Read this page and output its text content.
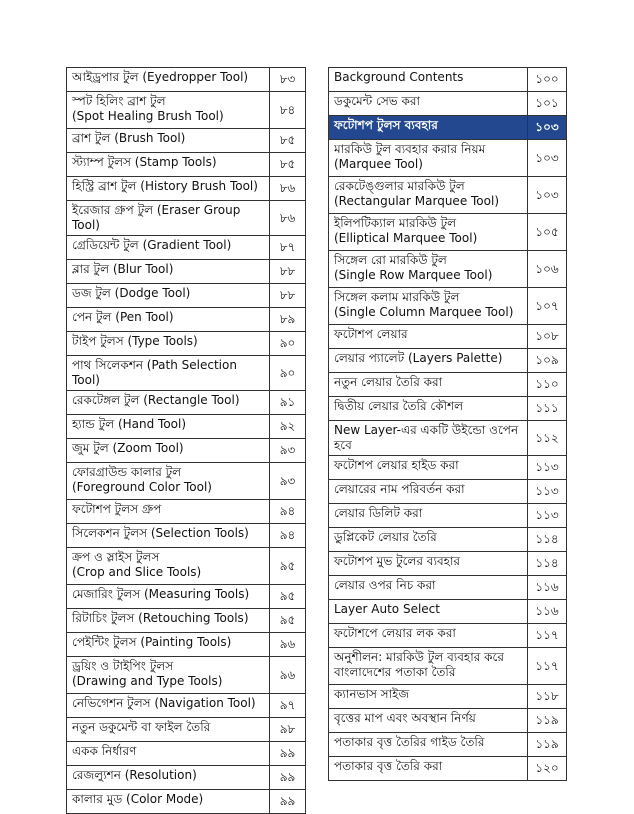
আইড্রপার টুল (Eyedropper Tool)	৮৩
স্পট হিলিং ব্রাশ টুল
(Spot Healing Brush Tool)	৮৪
ব্রাশ টুল (Brush Tool)	৮৫
স্ট্যাম্প টুলস (Stamp Tools)	৮৫
হিস্ট্রি ব্রাশ টুল (History Brush Tool)	৮৬
ইরেজার গ্রুপ টুল (Eraser Group Tool)	৮৬
গ্রেডিয়েন্ট টুল (Gradient Tool)	৮৭
ব্লার টুল (Blur Tool)	৮৮
ডজ টুল (Dodge Tool)	৮৮
পেন টুল (Pen Tool)	৮৯
টাইপ টুলস (Type Tools)	৯০
পাথ সিলেকশন (Path Selection Tool)	৯০
রেকটেঙ্গল টুল (Rectangle Tool)	৯১
হ্যান্ড টুল (Hand Tool)	৯২
জুম টুল (Zoom Tool)	৯৩
ফোরগ্রাউন্ড কালার টুল
(Foreground Color Tool)	৯৩
ফটোশপ টুলস গ্রুপ	৯৪
সিলেকশন টুলস (Selection Tools)	৯৪
ক্রপ ও স্লাইস টুলস
(Crop and Slice Tools)	৯৫
মেজারিং টুলস (Measuring Tools)	৯৫
রিটাচিং টুলস (Retouching Tools)	৯৫
পেইন্টিং টুলস (Painting Tools)	৯৬
ড্রয়িং ও টাইপিং টুলস
(Drawing and Type Tools)	৯৬
নেভিগেশন টুলস (Navigation Tool)	৯৭
নতুন ডকুমেন্ট বা ফাইল তৈরি	৯৮
একক নির্ধারণ	৯৯
রেজল্যুশন (Resolution)	৯৯
কালার মুড (Color Mode)	৯৯
Background Contents	১০০
ডকুমেন্ট সেভ করা	১০১
ফটোশপ টুলস ব্যবহার	১০৩
মারকিউ টুল ব্যবহার করার নিয়ম
(Marquee Tool)	১০৩
রেকটেঙ্গুলার মারকিউ টুল
(Rectangular Marquee Tool)	১০৩
ইলিপটিক্যাল মারকিউ টুল
(Elliptical Marquee Tool)	১০৫
সিঙ্গেল রো মারকিউ টুল
(Single Row Marquee Tool)	১০৬
সিঙ্গেল কলাম মারকিউ টুল
(Single Column Marquee Tool)	১০৭
ফটোশপ লেয়ার	১০৮
লেয়ার প্যালেট (Layers Palette)	১০৯
নতুন লেয়ার তৈরি করা	১১০
দ্বিতীয় লেয়ার তৈরি কৌশল	১১১
New Layer-এর একটি উইন্ডো ওপেন হবে	১১২
ফটোশপ লেয়ার হাইড করা	১১৩
লেয়ারের নাম পরিবর্তন করা	১১৩
লেয়ার ডিলিট করা	১১৩
ডুপ্লিকেট লেয়ার তৈরি	১১৪
ফটোশপ মুভ টুলের ব্যবহার	১১৪
লেয়ার ওপর নিচ করা	১১৬
Layer Auto Select	১১৬
ফটোশপে লেয়ার লক করা	১১৭
অনুশীলন: মারকিউ টুল ব্যবহার করে
বাংলাদেশের পতাকা তৈরি	১১৭
ক্যানভাস সাইজ	১১৮
বৃত্তের মাপ এবং অবস্থান নির্ণয়	১১৯
পতাকার বৃত্ত তৈরির গাইড তৈরি	১১৯
পতাকার বৃত্ত তৈরি করা	১২০
